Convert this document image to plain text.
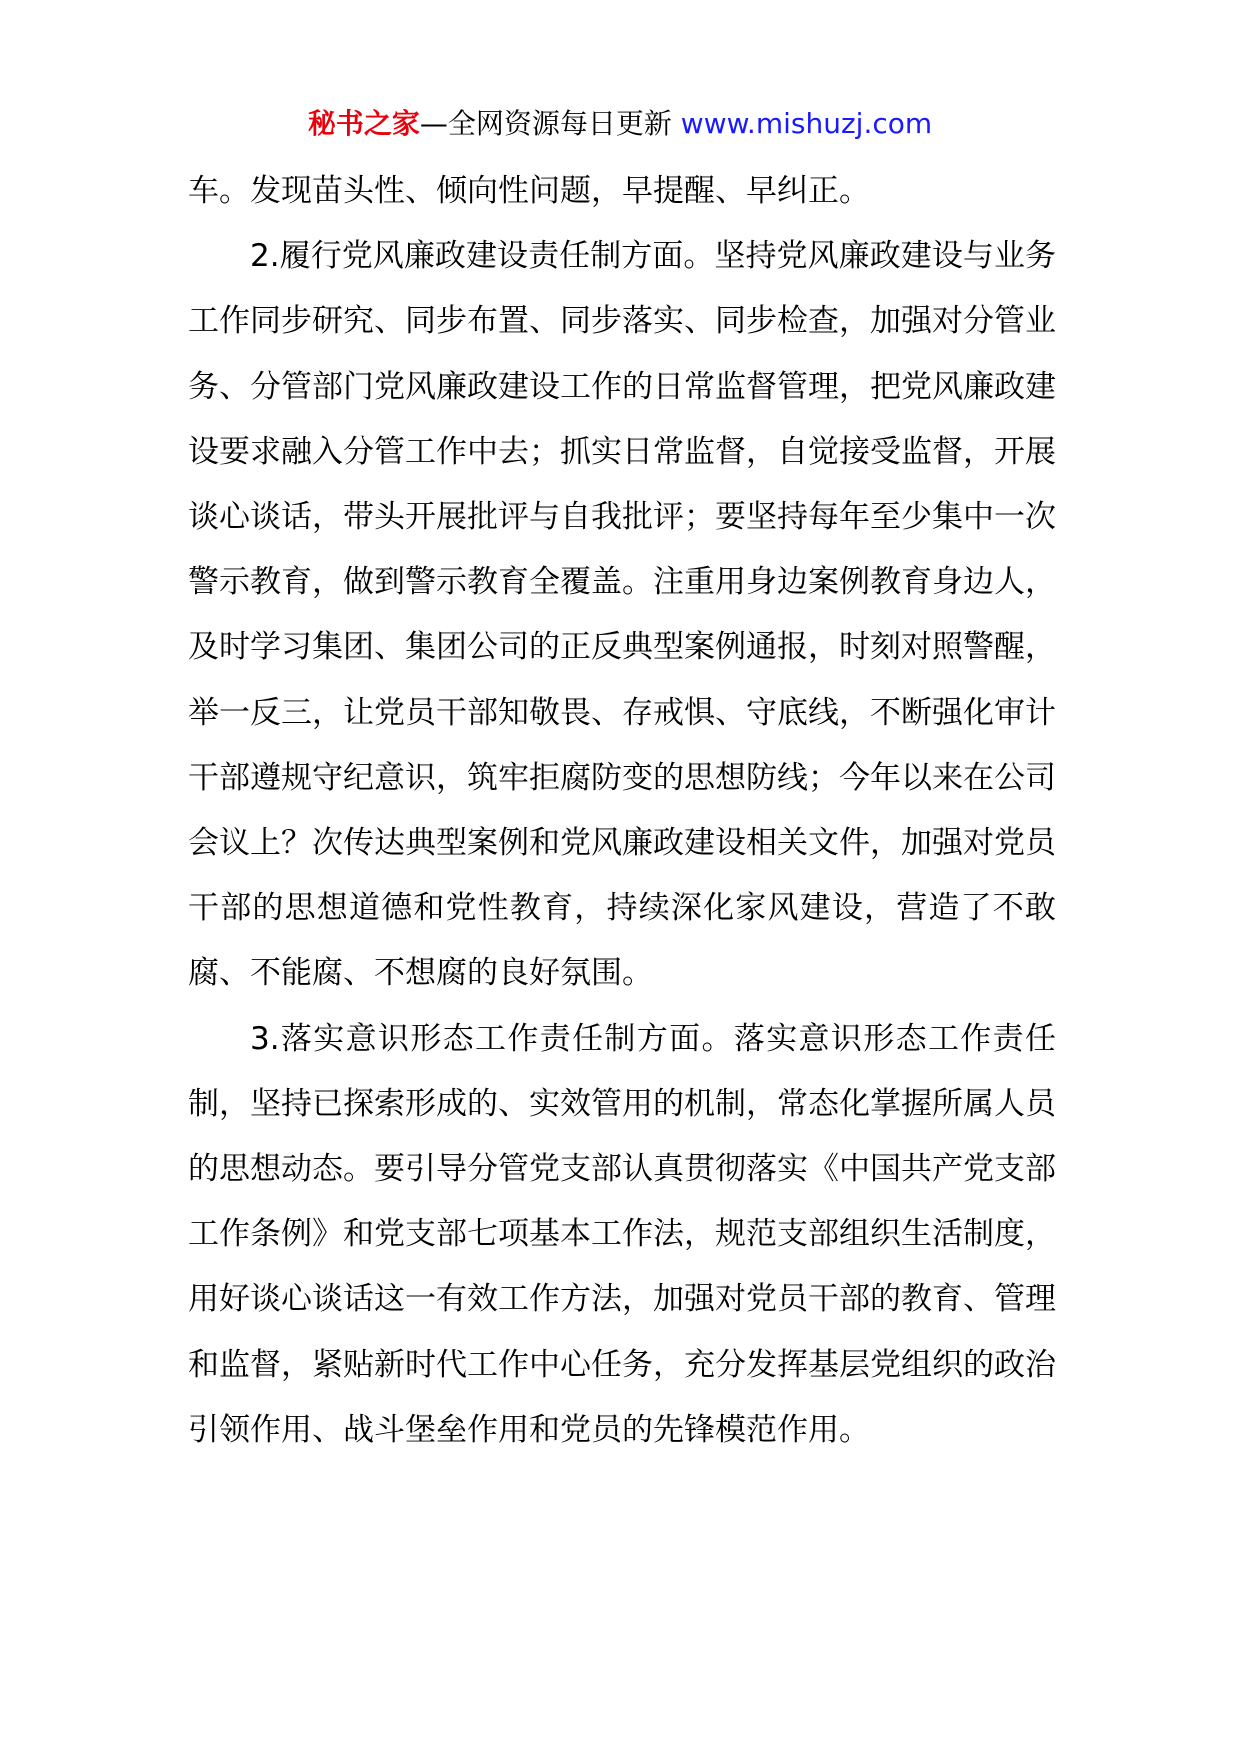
秘书之家—全网资源每日更新 www.mishuzj.com

车。发现苗头性、倾向性问题，早提醒、早纠正。

2.履行党风廉政建设责任制方面。坚持党风廉政建设与业务工作同步研究、同步布置、同步落实、同步检查，加强对分管业务、分管部门党风廉政建设工作的日常监督管理，把党风廉政建设要求融入分管工作中去；抓实日常监督，自觉接受监督，开展谈心谈话，带头开展批评与自我批评；要坚持每年至少集中一次警示教育，做到警示教育全覆盖。注重用身边案例教育身边人，及时学习集团、集团公司的正反典型案例通报，时刻对照警醒，举一反三，让党员干部知敬畏、存戒惧、守底线，不断强化审计干部遵规守纪意识，筑牢拒腐防变的思想防线；今年以来在公司会议上？次传达典型案例和党风廉政建设相关文件，加强对党员干部的思想道德和党性教育，持续深化家风建设，营造了不敢腐、不能腐、不想腐的良好氛围。

3.落实意识形态工作责任制方面。落实意识形态工作责任制，坚持已探索形成的、实效管用的机制，常态化掌握所属人员的思想动态。要引导分管党支部认真贯彻落实《中国共产党支部工作条例》和党支部七项基本工作法，规范支部组织生活制度，用好谈心谈话这一有效工作方法，加强对党员干部的教育、管理和监督，紧贴新时代工作中心任务，充分发挥基层党组织的政治引领作用、战斗堡垒作用和党员的先锋模范作用。
